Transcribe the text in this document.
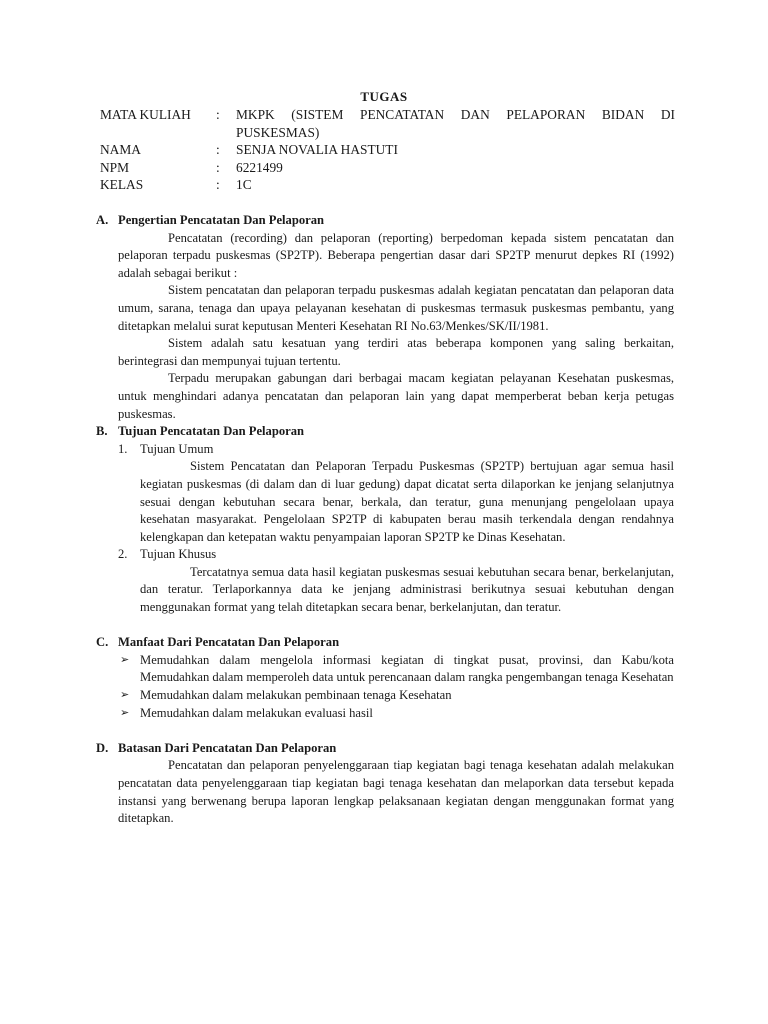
TUGAS
MATA KULIAH	:	MKPK (SISTEM PENCATATAN DAN PELAPORAN BIDAN DI PUSKESMAS)
NAMA	:	SENJA NOVALIA HASTUTI
NPM	:	6221499
KELAS	:	1C
A. Pengertian Pencatatan Dan Pelaporan

Pencatatan (recording) dan pelaporan (reporting) berpedoman kepada sistem pencatatan dan pelaporan terpadu puskesmas (SP2TP). Beberapa pengertian dasar dari SP2TP menurut depkes RI (1992) adalah sebagai berikut :

Sistem pencatatan dan pelaporan terpadu puskesmas adalah kegiatan pencatatan dan pelaporan data umum, sarana, tenaga dan upaya pelayanan kesehatan di puskesmas termasuk puskesmas pembantu, yang ditetapkan melalui surat keputusan Menteri Kesehatan RI No.63/Menkes/SK/II/1981.

Sistem adalah satu kesatuan yang terdiri atas beberapa komponen yang saling berkaitan, berintegrasi dan mempunyai tujuan tertentu.

Terpadu merupakan gabungan dari berbagai macam kegiatan pelayanan Kesehatan puskesmas, untuk menghindari adanya pencatatan dan pelaporan lain yang dapat memperberat beban kerja petugas puskesmas.

B. Tujuan Pencatatan Dan Pelaporan
1. Tujuan Umum

Sistem Pencatatan dan Pelaporan Terpadu Puskesmas (SP2TP) bertujuan agar semua hasil kegiatan puskesmas (di dalam dan di luar gedung) dapat dicatat serta dilaporkan ke jenjang selanjutnya sesuai dengan kebutuhan secara benar, berkala, dan teratur, guna menunjang pengelolaan upaya kesehatan masyarakat. Pengelolaan SP2TP di kabupaten berau masih terkendala dengan rendahnya kelengkapan dan ketepatan waktu penyampaian laporan SP2TP ke Dinas Kesehatan.

2. Tujuan Khusus

Tercatatnya semua data hasil kegiatan puskesmas sesuai kebutuhan secara benar, berkelanjutan, dan teratur. Terlaporkannya data ke jenjang administrasi berikutnya sesuai kebutuhan dengan menggunakan format yang telah ditetapkan secara benar, berkelanjutan, dan teratur.

C. Manfaat Dari Pencatatan Dan Pelaporan
➢ Memudahkan dalam mengelola informasi kegiatan di tingkat pusat, provinsi, dan Kabu/kota Memudahkan dalam memperoleh data untuk perencanaan dalam rangka pengembangan tenaga Kesehatan
➢ Memudahkan dalam melakukan pembinaan tenaga Kesehatan
➢ Memudahkan dalam melakukan evaluasi hasil
D. Batasan Dari Pencatatan Dan Pelaporan

Pencatatan dan pelaporan penyelenggaraan tiap kegiatan bagi tenaga kesehatan adalah melakukan pencatatan data penyelenggaraan tiap kegiatan bagi tenaga kesehatan dan melaporkan data tersebut kepada instansi yang berwenang berupa laporan lengkap pelaksanaan kegiatan dengan menggunakan format yang ditetapkan.
